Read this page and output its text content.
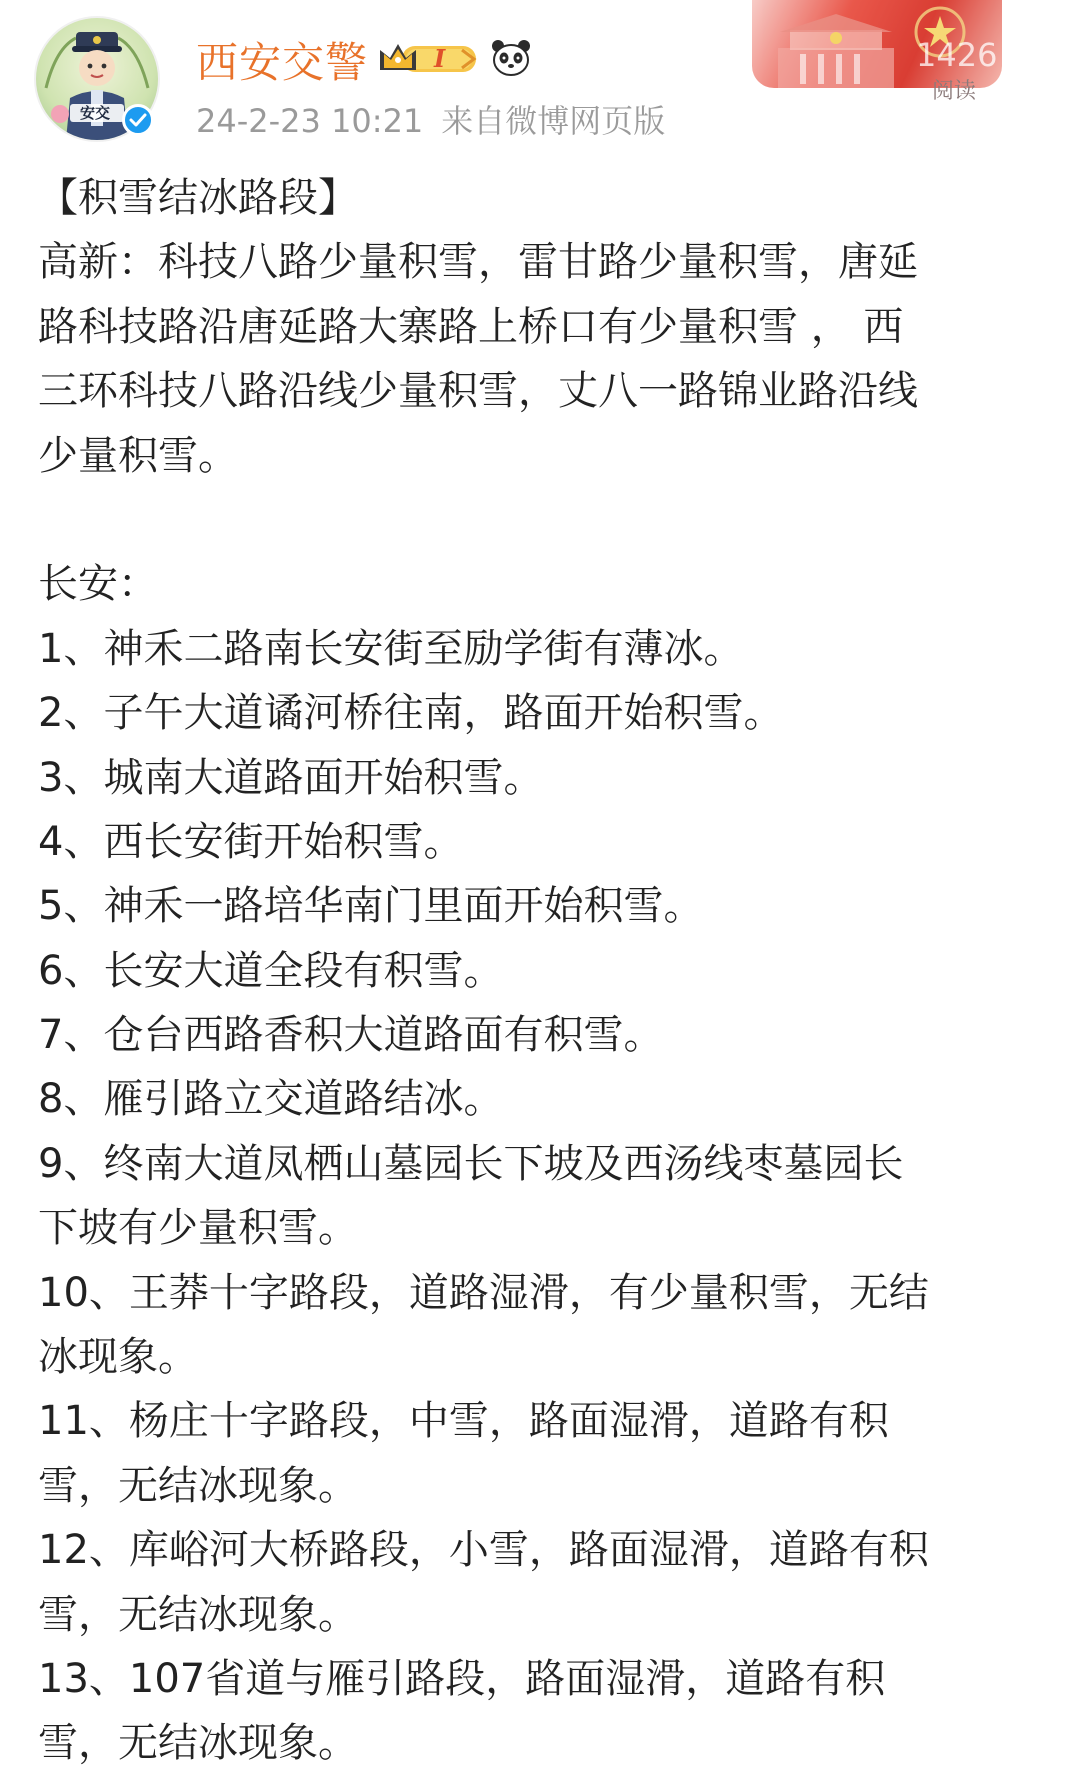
安交
西安交警	I
24-2-23 10:21 来自微博网页版
1426
阅读
【积雪结冰路段】
高新：科技八路少量积雪，雷甘路少量积雪，唐延
路科技路沿唐延路大寨路上桥口有少量积雪 ， 西
三环科技八路沿线少量积雪，丈八一路锦业路沿线
少量积雪。
长安：
1、神禾二路南长安街至励学街有薄冰。
2、子午大道谲河桥往南，路面开始积雪。
3、城南大道路面开始积雪。
4、西长安街开始积雪。
5、神禾一路培华南门里面开始积雪。
6、长安大道全段有积雪。
7、仓台西路香积大道路面有积雪。
8、雁引路立交道路结冰。
9、终南大道凤栖山墓园长下坡及西汤线枣墓园长
下坡有少量积雪。
10、王莽十字路段，道路湿滑，有少量积雪，无结
冰现象。
11、杨庄十字路段，中雪，路面湿滑，道路有积
雪，无结冰现象。
12、库峪河大桥路段，小雪，路面湿滑，道路有积
雪，无结冰现象。
13、107省道与雁引路段，路面湿滑，道路有积
雪，无结冰现象。
